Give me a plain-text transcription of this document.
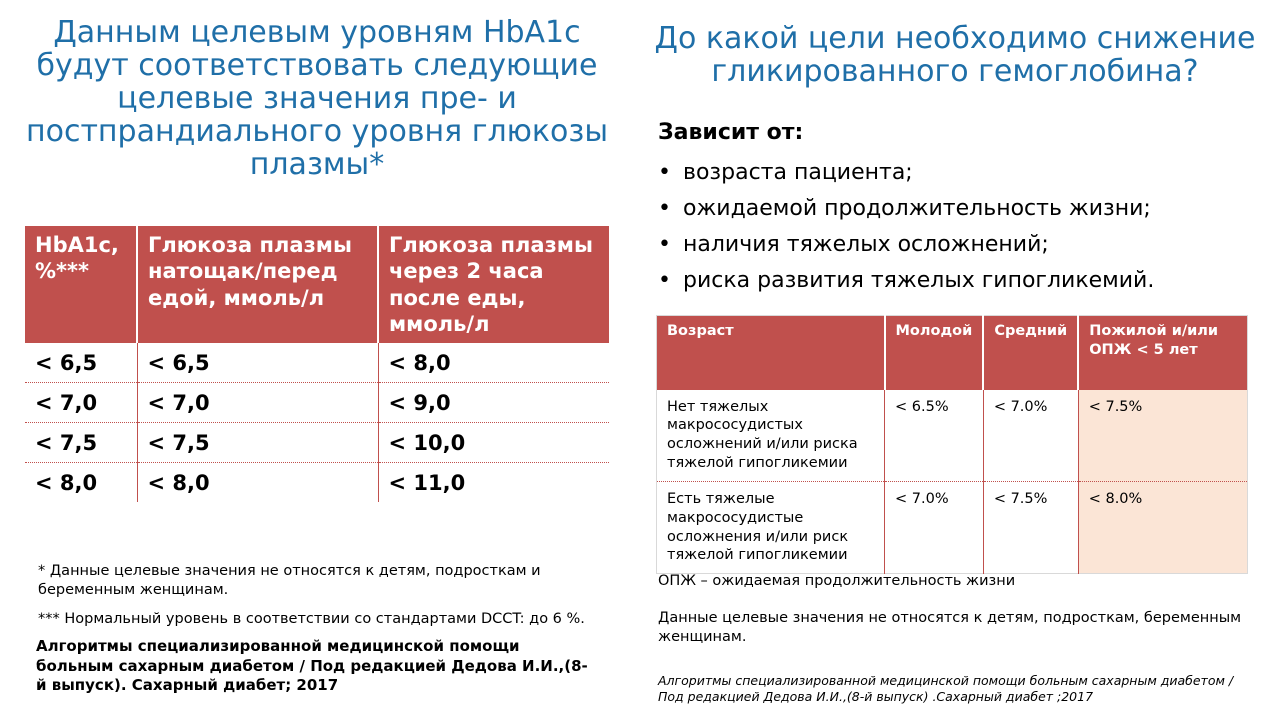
Данным целевым уровням HbA1c будут соответствовать следующие целевые значения пре- и постпрандиального уровня глюкозы плазмы*
HbA1c, %***	Глюкоза плазмы натощак/перед едой, ммоль/л	Глюкоза плазмы через 2 часа после еды, ммоль/л
< 6,5	< 6,5	< 8,0
< 7,0	< 7,0	< 9,0
< 7,5	< 7,5	< 10,0
< 8,0	< 8,0	< 11,0
* Данные целевые значения не относятся к детям, подросткам и беременным женщинам.
*** Нормальный уровень в соответствии со стандартами DCCT: до 6 %.
Алгоритмы специализированной медицинской помощи больным сахарным диабетом / Под редакцией Дедова И.И.,(8-й выпуск). Сахарный диабет; 2017
До какой цели необходимо снижение гликированного гемоглобина?
Зависит от:
• возраста пациента;
• ожидаемой продолжительность жизни;
• наличия тяжелых осложнений;
• риска развития тяжелых гипогликемий.
Возраст	Молодой	Средний	Пожилой и/или ОПЖ < 5 лет
Нет тяжелых макрососудистых осложнений и/или риска тяжелой гипогликемии	< 6.5%	< 7.0%	< 7.5%
Есть тяжелые макрососудистые осложнения и/или риск тяжелой гипогликемии	< 7.0%	< 7.5%	< 8.0%
ОПЖ – ожидаемая продолжительность жизни
Данные целевые значения не относятся к детям, подросткам, беременным женщинам.
Алгоритмы специализированной медицинской помощи больным сахарным диабетом / Под редакцией Дедова И.И.,(8-й выпуск) .Сахарный диабет ;2017
